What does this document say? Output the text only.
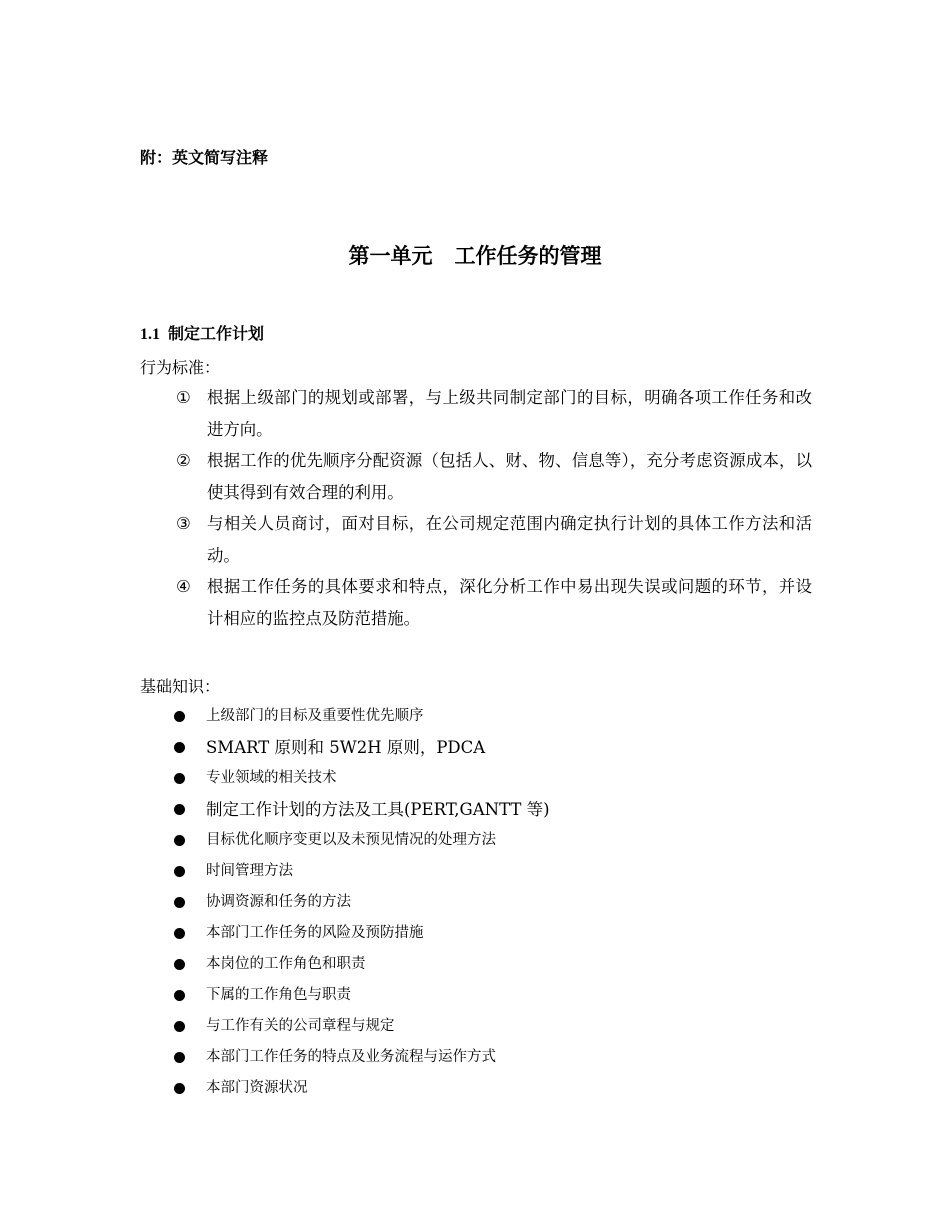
附：英文简写注释
第一单元 工作任务的管理
1.1 制定工作计划
行为标准：
① 根据上级部门的规划或部署，与上级共同制定部门的目标，明确各项工作任务和改进方向。
② 根据工作的优先顺序分配资源（包括人、财、物、信息等），充分考虑资源成本，以使其得到有效合理的利用。
③ 与相关人员商讨，面对目标，在公司规定范围内确定执行计划的具体工作方法和活动。
④ 根据工作任务的具体要求和特点，深化分析工作中易出现失误或问题的环节，并设计相应的监控点及防范措施。
基础知识：
上级部门的目标及重要性优先顺序
SMART 原则和 5W2H 原则，PDCA
专业领域的相关技术
制定工作计划的方法及工具(PERT,GANTT 等)
目标优化顺序变更以及未预见情况的处理方法
时间管理方法
协调资源和任务的方法
本部门工作任务的风险及预防措施
本岗位的工作角色和职责
下属的工作角色与职责
与工作有关的公司章程与规定
本部门工作任务的特点及业务流程与运作方式
本部门资源状况
